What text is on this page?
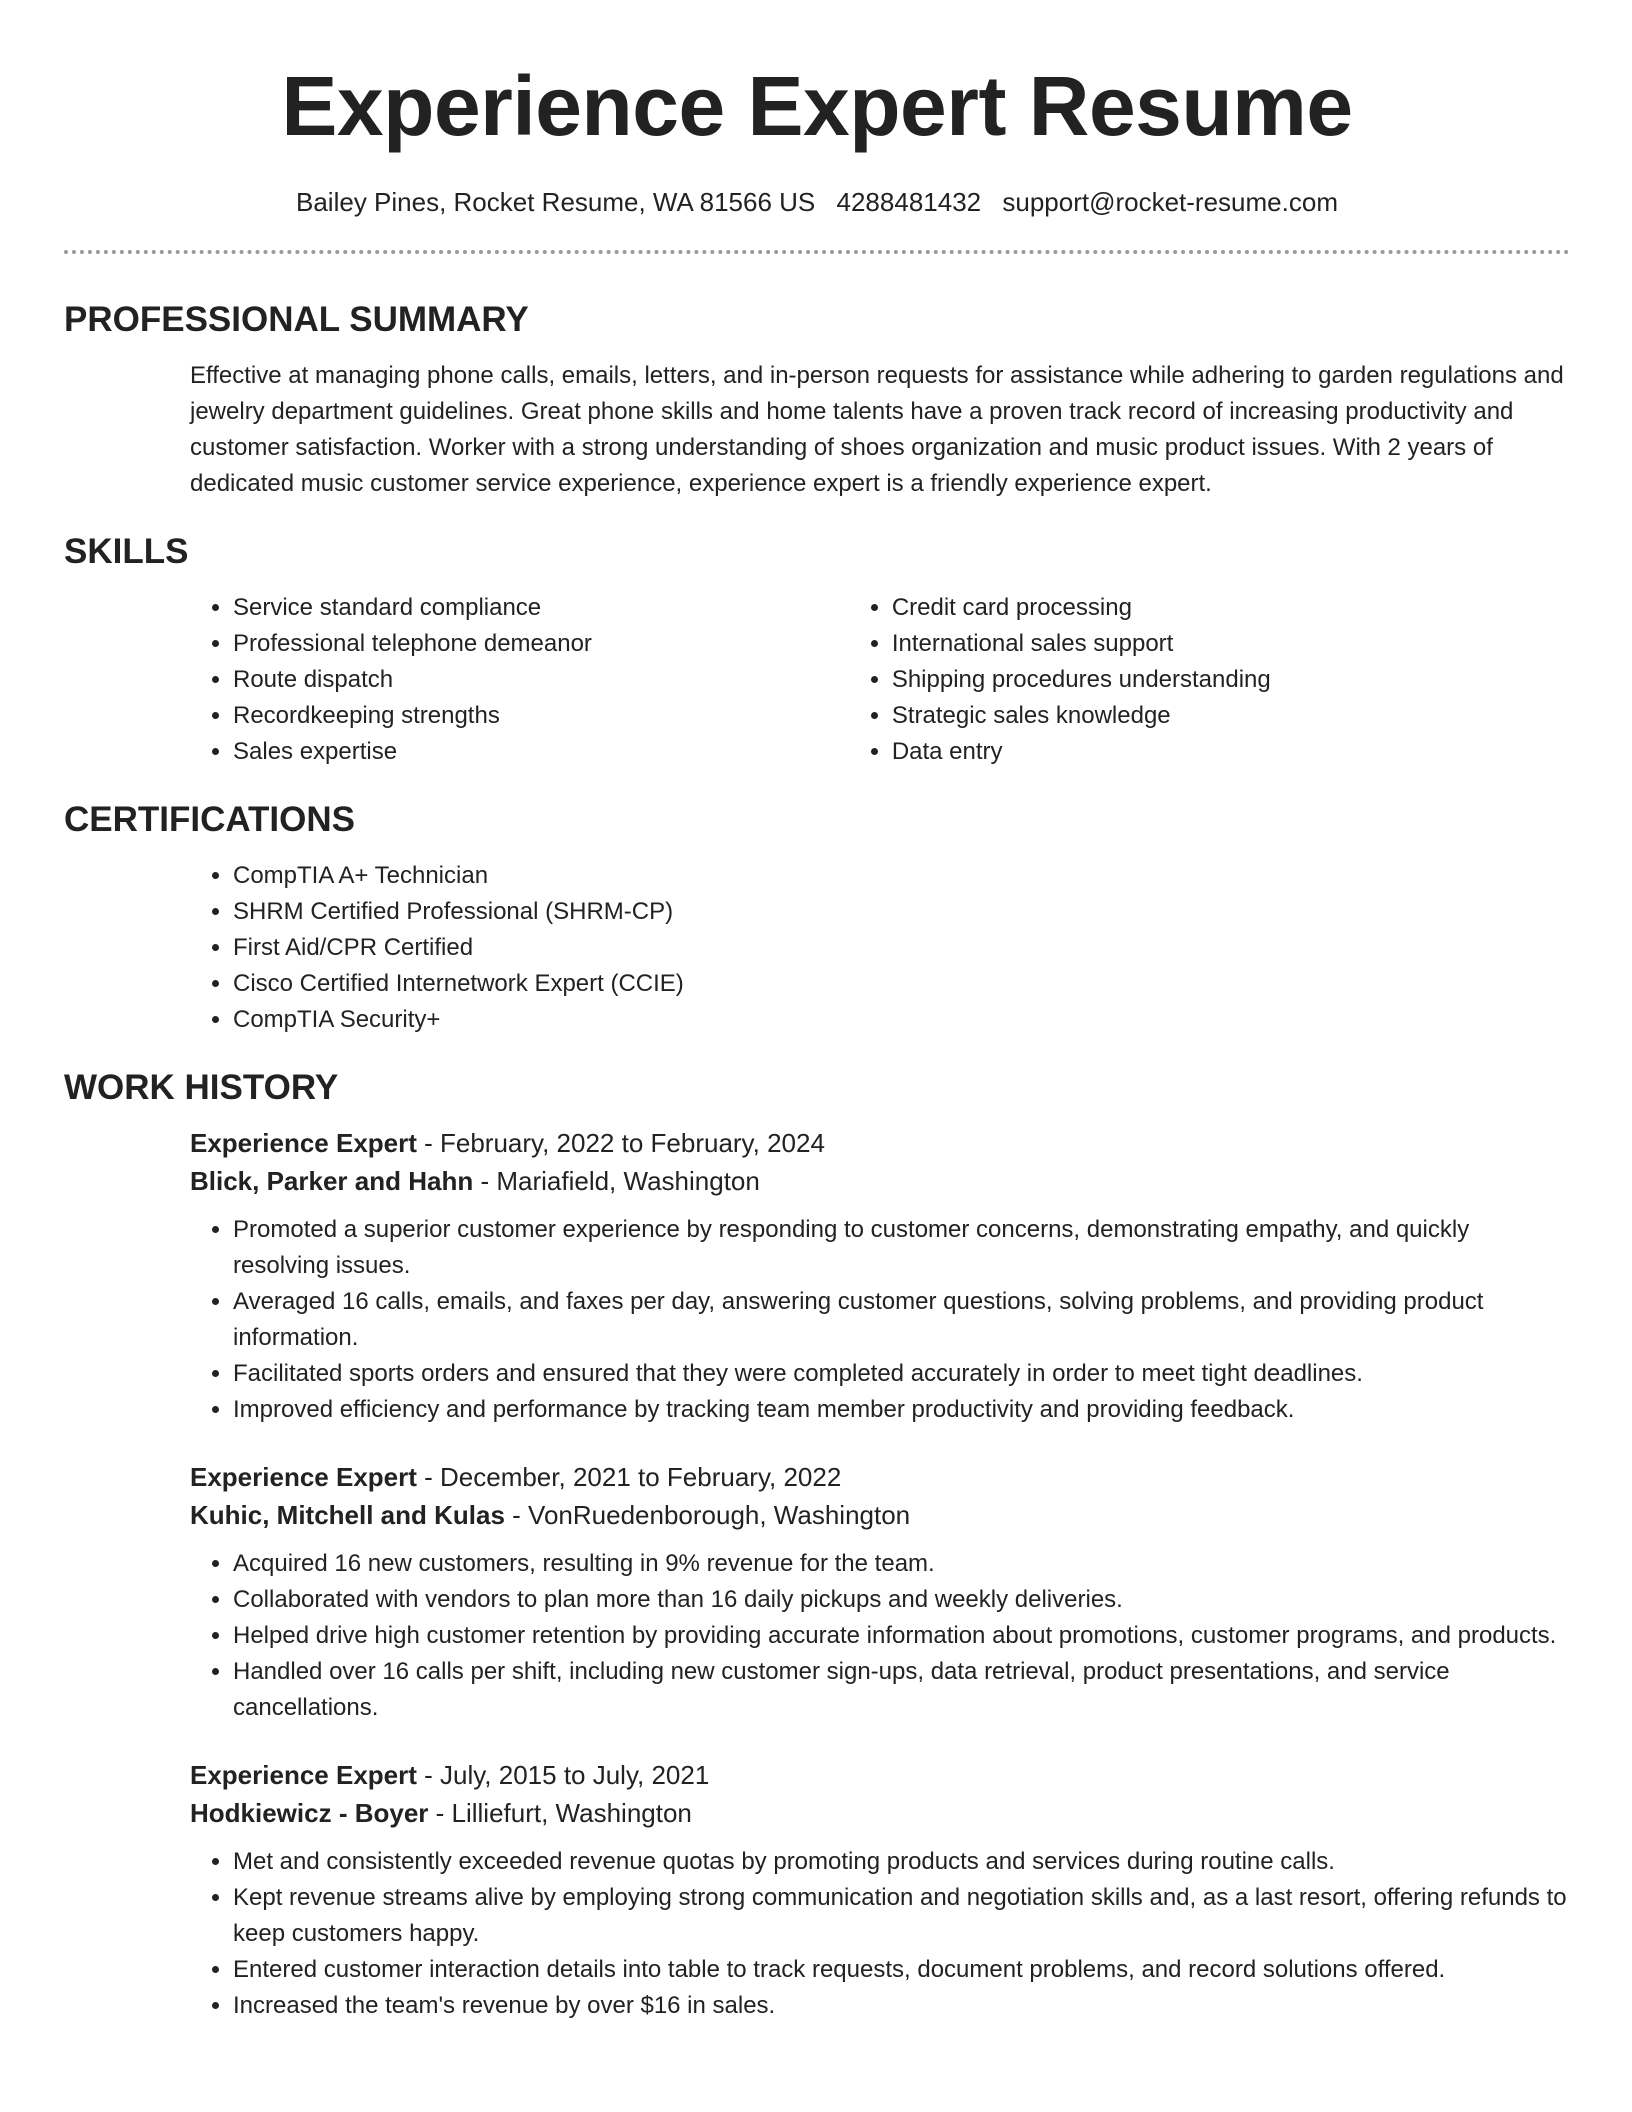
Experience Expert Resume
Bailey Pines, Rocket Resume, WA 81566 US 4288481432 support@rocket-resume.com
PROFESSIONAL SUMMARY
Effective at managing phone calls, emails, letters, and in-person requests for assistance while adhering to garden regulations and jewelry department guidelines. Great phone skills and home talents have a proven track record of increasing productivity and customer satisfaction. Worker with a strong understanding of shoes organization and music product issues. With 2 years of dedicated music customer service experience, experience expert is a friendly experience expert.
SKILLS
• Service standard compliance
• Professional telephone demeanor
• Route dispatch
• Recordkeeping strengths
• Sales expertise
• Credit card processing
• International sales support
• Shipping procedures understanding
• Strategic sales knowledge
• Data entry
CERTIFICATIONS
• CompTIA A+ Technician
• SHRM Certified Professional (SHRM-CP)
• First Aid/CPR Certified
• Cisco Certified Internetwork Expert (CCIE)
• CompTIA Security+
WORK HISTORY
Experience Expert - February, 2022 to February, 2024
Blick, Parker and Hahn - Mariafield, Washington
• Promoted a superior customer experience by responding to customer concerns, demonstrating empathy, and quickly resolving issues.
• Averaged 16 calls, emails, and faxes per day, answering customer questions, solving problems, and providing product information.
• Facilitated sports orders and ensured that they were completed accurately in order to meet tight deadlines.
• Improved efficiency and performance by tracking team member productivity and providing feedback.
Experience Expert - December, 2021 to February, 2022
Kuhic, Mitchell and Kulas - VonRuedenborough, Washington
• Acquired 16 new customers, resulting in 9% revenue for the team.
• Collaborated with vendors to plan more than 16 daily pickups and weekly deliveries.
• Helped drive high customer retention by providing accurate information about promotions, customer programs, and products.
• Handled over 16 calls per shift, including new customer sign-ups, data retrieval, product presentations, and service cancellations.
Experience Expert - July, 2015 to July, 2021
Hodkiewicz - Boyer - Lilliefurt, Washington
• Met and consistently exceeded revenue quotas by promoting products and services during routine calls.
• Kept revenue streams alive by employing strong communication and negotiation skills and, as a last resort, offering refunds to keep customers happy.
• Entered customer interaction details into table to track requests, document problems, and record solutions offered.
• Increased the team's revenue by over $16 in sales.
